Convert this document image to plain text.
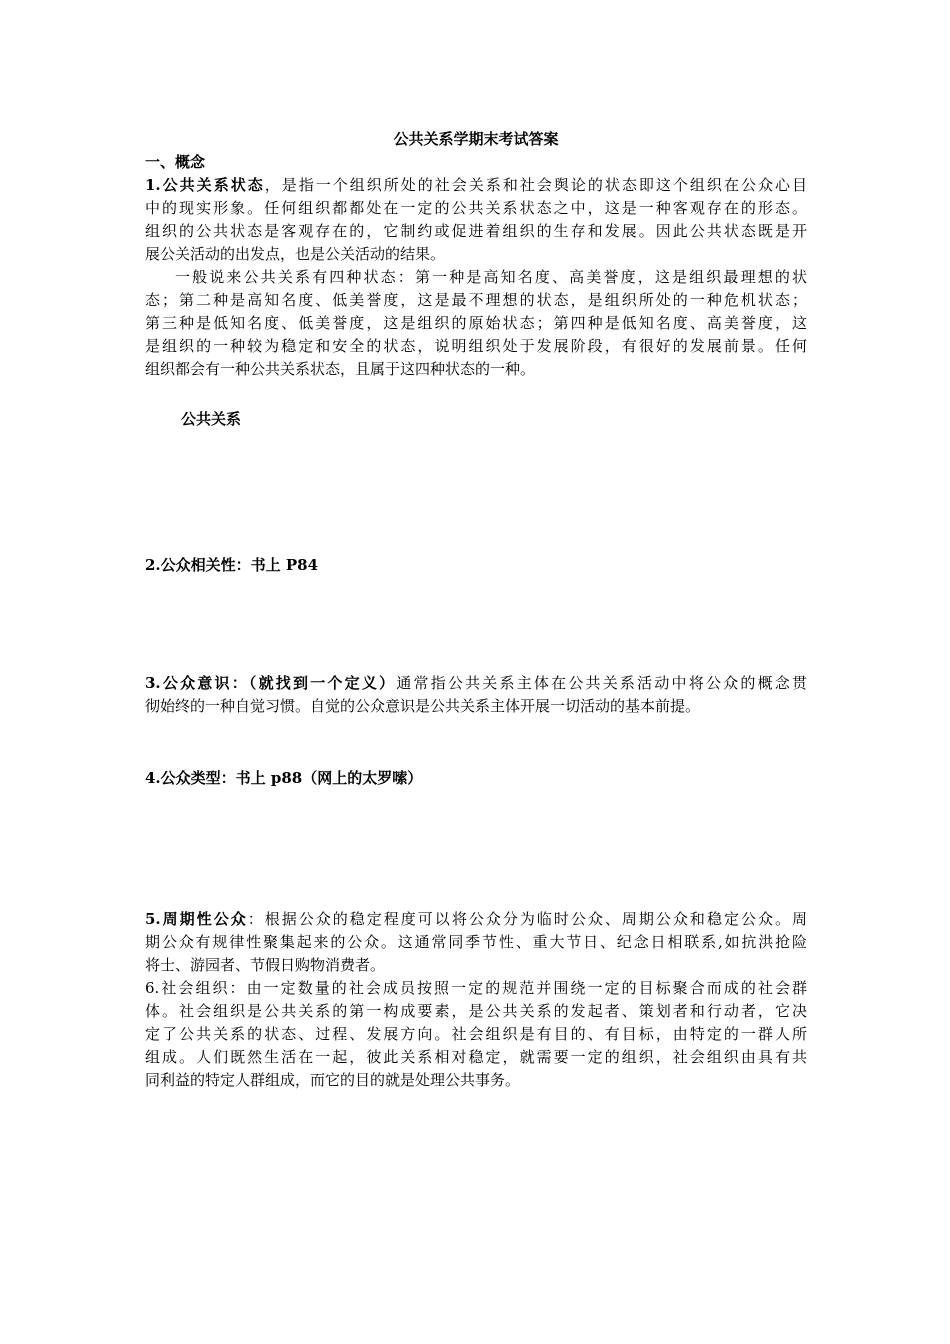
公共关系学期末考试答案
一、概念
1.公共关系状态，是指一个组织所处的社会关系和社会舆论的状态即这个组织在公众心目
中的现实形象。任何组织都都处在一定的公共关系状态之中，这是一种客观存在的形态。
组织的公共状态是客观存在的，它制约或促进着组织的生存和发展。因此公共状态既是开
展公关活动的出发点，也是公关活动的结果。
一般说来公共关系有四种状态：第一种是高知名度、高美誉度，这是组织最理想的状
态；第二种是高知名度、低美誉度，这是最不理想的状态，是组织所处的一种危机状态；
第三种是低知名度、低美誉度，这是组织的原始状态；第四种是低知名度、高美誉度，这
是组织的一种较为稳定和安全的状态，说明组织处于发展阶段，有很好的发展前景。任何
组织都会有一种公共关系状态，且属于这四种状态的一种。
公共关系
2.公众相关性：书上 P84
3.公众意识：（就找到一个定义）通常指公共关系主体在公共关系活动中将公众的概念贯
彻始终的一种自觉习惯。自觉的公众意识是公共关系主体开展一切活动的基本前提。
4.公众类型：书上 p88（网上的太罗嗦）
5.周期性公众：根据公众的稳定程度可以将公众分为临时公众、周期公众和稳定公众。周
期公众有规律性聚集起来的公众。这通常同季节性、重大节日、纪念日相联系,如抗洪抢险
将士、游园者、节假日购物消费者。
6.社会组织：由一定数量的社会成员按照一定的规范并围绕一定的目标聚合而成的社会群
体。社会组织是公共关系的第一构成要素，是公共关系的发起者、策划者和行动者，它决
定了公共关系的状态、过程、发展方向。社会组织是有目的、有目标，由特定的一群人所
组成。人们既然生活在一起，彼此关系相对稳定，就需要一定的组织，社会组织由具有共
同利益的特定人群组成，而它的目的就是处理公共事务。
